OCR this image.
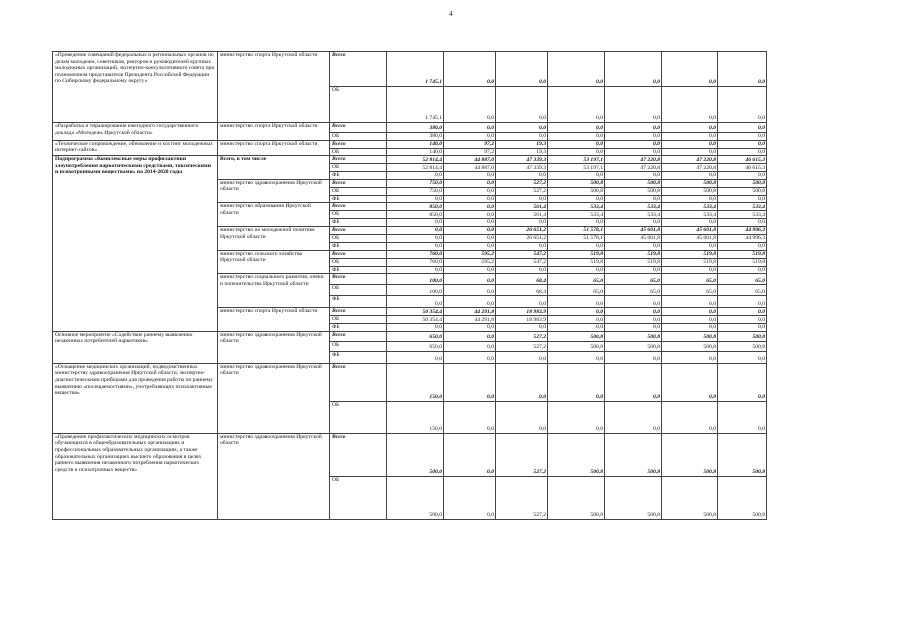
4
«Проведение совещаний федеральных и региональных органов по делам молодежи, советников, ректоров и руководителей крупных молодежных организаций, экспертно-консультативного совета при полномочном представителе Президента Российской Федерации по Сибирскому федеральному округу»	министерство спорта Иркутской области	Всего	1 745,1	0,0	0,0	0,0	0,0	0,0	0,0
		ОБ	1 745,1	0,0	0,0	0,0	0,0	0,0	0,0
«Разработка и тиражирование ежегодного государственного доклада «Молодежь Иркутской области»	министерство спорта Иркутской области	Всего	380,0	0,0	0,0	0,0	0,0	0,0	0,0
		ОБ	380,0	0,0	0,0	0,0	0,0	0,0	0,0
«Техническое сопровождение, обновление и хостинг молодежных интернет-сайтов»	министерство спорта Иркутской области	Всего	140,0	97,2	19,3	0,0	0,0	0,0	0,0
		ОБ	140,0	97,2	19,3	0,0	0,0	0,0	0,0
Подпрограмма «Комплексные меры профилактики злоупотребления наркотическими средствами, токсическими и психотропными веществами» на 2014-2020 годы	Всего, в том числе	Всего	52 814,4	44 887,0	47 339,3	53 197,1	47 220,8	47 220,8	46 615,3
		ОБ	52 814,4	44 887,0	47 339,3	53 197,1	47 220,8	47 220,8	46 615,3
		ФБ	0,0	0,0	0,0	0,0	0,0	0,0	0,0
	министерство здравоохранения Иркутской области	Всего	750,0	0,0	527,2	500,8	500,8	500,8	500,8
		ОБ	750,0	0,0	527,2	500,8	500,8	500,8	500,8
		ФБ	0,0	0,0	0,0	0,0	0,0	0,0	0,0
	министерство образования Иркутской области	Всего	850,0	0,0	561,4	533,4	533,4	533,4	533,4
		ОБ	850,0	0,0	561,4	533,4	533,4	533,4	533,4
		ФБ	0,0	0,0	0,0	0,0	0,0	0,0	0,0
	министерство по молодежной политике Иркутской области	Всего	0,0	0,0	26 651,2	51 578,1	45 601,8	45 601,8	44 996,3
		ОБ	0,0	0,0	26 651,2	51 578,1	45 601,8	45 601,8	44 996,3
		ФБ	0,0	0,0	0,0	0,0	0,0	0,0	0,0
	министерство сельского хозяйства Иркутской области	Всего	760,0	595,2	547,2	519,8	519,8	519,8	519,8
		ОБ	760,0	595,2	547,2	519,8	519,8	519,8	519,8
		ФБ	0,0	0,0	0,0	0,0	0,0	0,0	0,0
	министерство социального развития, опеки и попечительства Иркутской области	Всего	100,0	0,0	68,4	65,0	65,0	65,0	65,0
		ОБ	100,0	0,0	68,4	65,0	65,0	65,0	65,0
		ФБ	0,0	0,0	0,0	0,0	0,0	0,0	0,0
	министерство спорта Иркутской области	Всего	50 354,4	44 291,8	18 983,9	0,0	0,0	0,0	0,0
		ОБ	50 354,4	44 291,8	18 983,9	0,0	0,0	0,0	0,0
		ФБ	0,0	0,0	0,0	0,0	0,0	0,0	0,0
Основное мероприятие «Содействие раннему выявлению незаконных потребителей наркотиков»	министерство здравоохранения Иркутской области	Всего	650,0	0,0	527,2	500,8	500,8	500,8	500,8
		ОБ	650,0	0,0	527,2	500,8	500,8	500,8	500,8
		ФБ	0,0	0,0	0,0	0,0	0,0	0,0	0,0
«Оснащение медицинских организаций, подведомственных министерству здравоохранения Иркутской области, экспертно-диагностическими приборами для проведения работы по раннему выявлению «посещаемостиями», употребляющих психоактивные вещества»	министерство здравоохранения Иркутской области	Всего	150,0	0,0	0,0	0,0	0,0	0,0	0,0
		ОБ	150,0	0,0	0,0	0,0	0,0	0,0	0,0
«Проведение профилактических медицинских осмотров обучающихся в общеобразовательных организациях и профессиональных образовательных организациях, а также образовательных организациях высшего образования в целях раннего выявления незаконного потребления наркотических средств и психотропных веществ»	министерство здравоохранения Иркутской области	Всего	500,0	0,0	527,2	500,8	500,8	500,8	500,8
		ОБ	500,0	0,0	527,2	500,8	500,8	500,8	500,8
